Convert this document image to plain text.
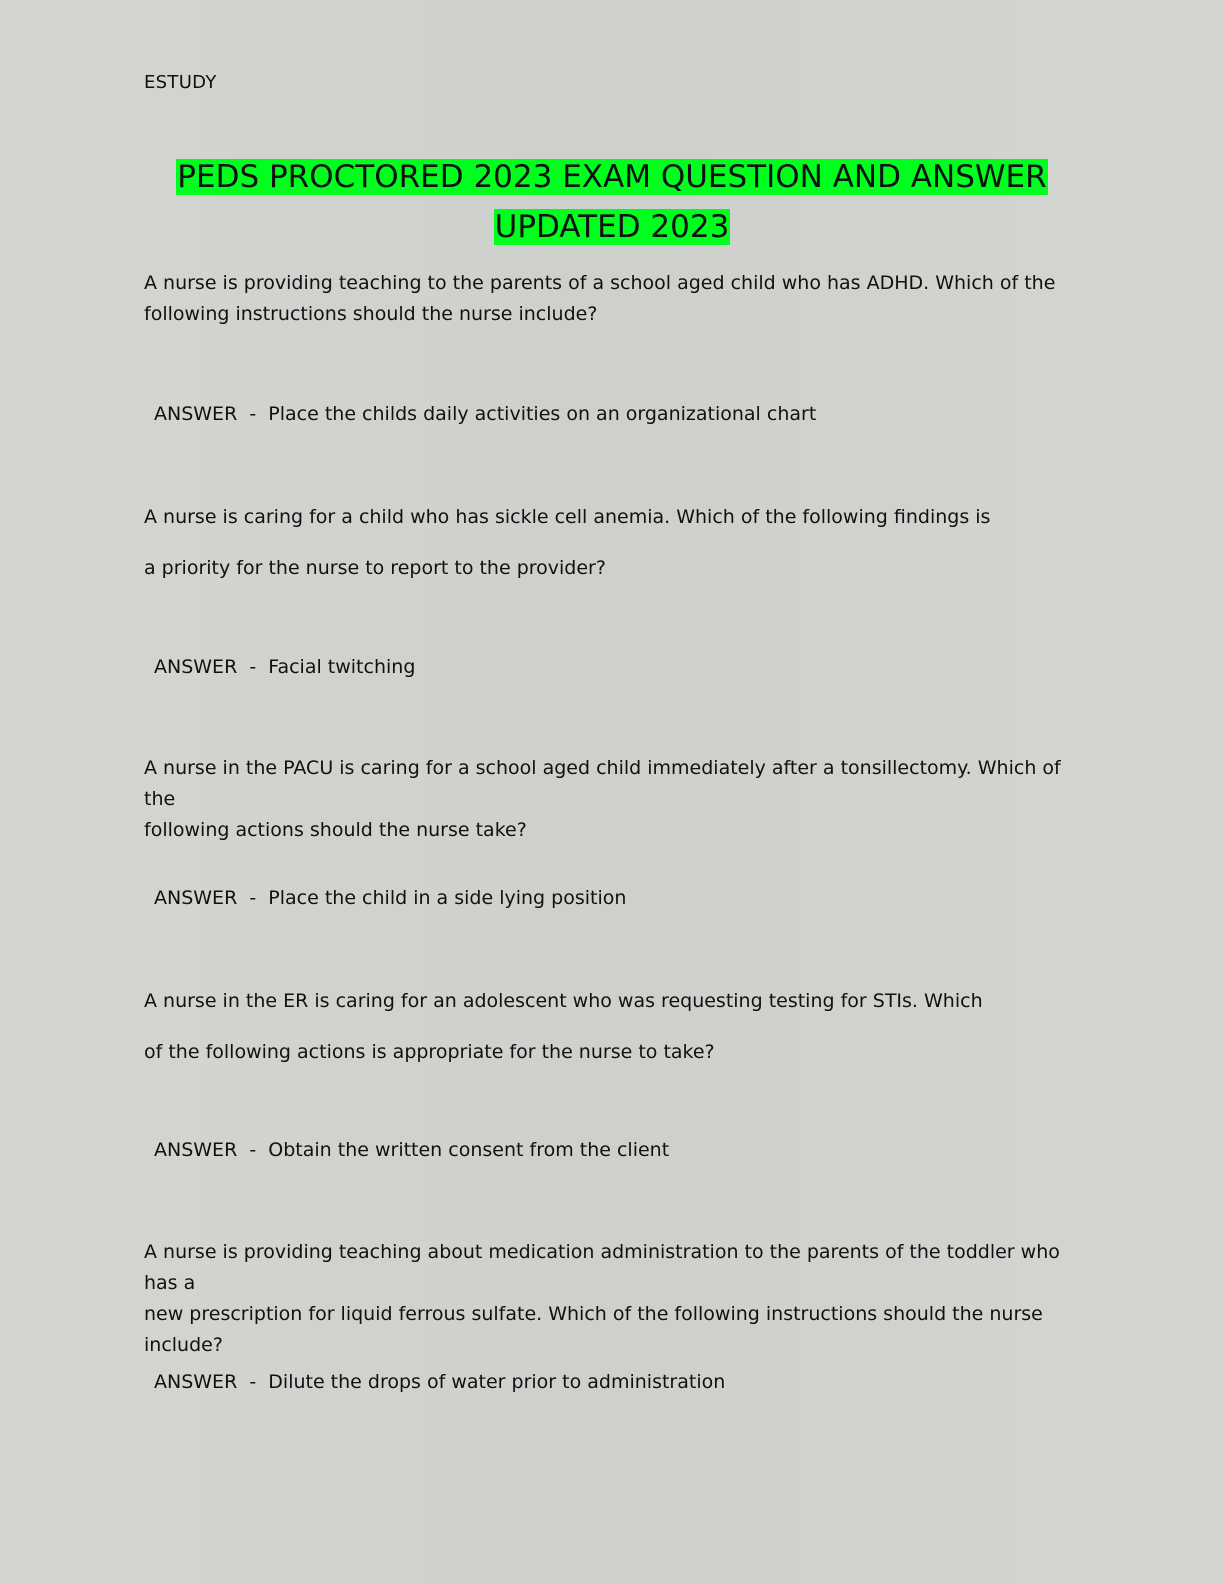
ESTUDY
PEDS PROCTORED 2023 EXAM QUESTION AND ANSWER
UPDATED 2023
A nurse is providing teaching to the parents of a school aged child who has ADHD. Which of the
following instructions should the nurse include?
ANSWER  -  Place the childs daily activities on an organizational chart
A nurse is caring for a child who has sickle cell anemia. Which of the following findings is
a priority for the nurse to report to the provider?
ANSWER  -  Facial twitching
A nurse in the PACU is caring for a school aged child immediately after a tonsillectomy. Which of the
following actions should the nurse take?
ANSWER  -  Place the child in a side lying position
A nurse in the ER is caring for an adolescent who was requesting testing for STIs. Which
of the following actions is appropriate for the nurse to take?
ANSWER  -  Obtain the written consent from the client
A nurse is providing teaching about medication administration to the parents of the toddler who has a
new prescription for liquid ferrous sulfate. Which of the following instructions should the nurse include?
ANSWER  -  Dilute the drops of water prior to administration
